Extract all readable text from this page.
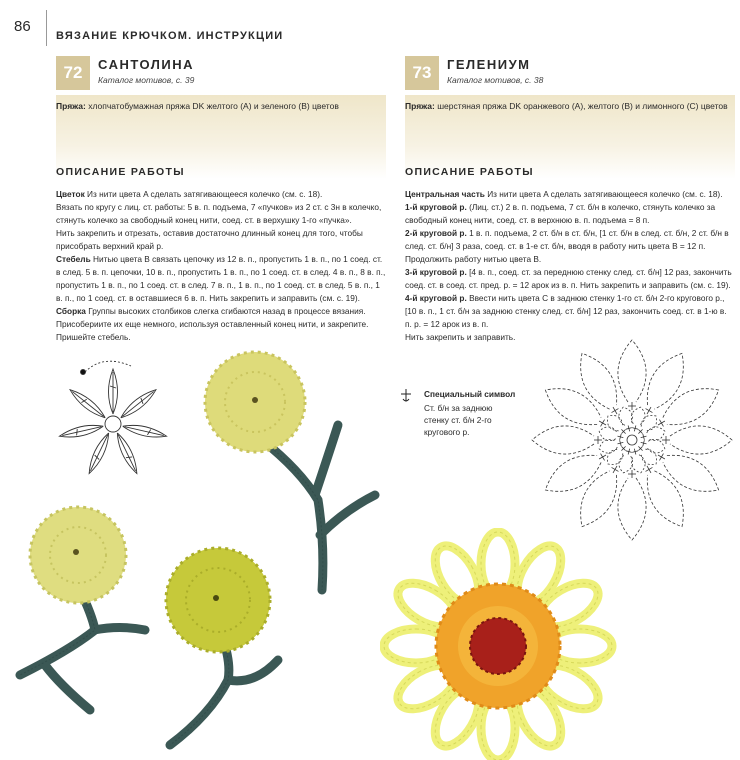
86
ВЯЗАНИЕ КРЮЧКОМ. ИНСТРУКЦИИ
72	САНТОЛИНА
Каталог мотивов, с. 39
Пряжа: хлопчатобумажная пряжа DK желтого (A) и зеленого (B) цветов
ОПИСАНИЕ РАБОТЫ

Цветок Из нити цвета A сделать затягивающееся колечко (см. с. 18).

Вязать по кругу с лиц. ст. работы: 5 в. п. подъема, 7 «пучков» из 2 ст. с 3н в колечко, стянуть колечко за свободный конец нити, соед. ст. в верхушку 1-го «пучка».

Нить закрепить и отрезать, оставив достаточно длинный конец для того, чтобы присобрать верхний край р.

Стебель Нитью цвета B связать цепочку из 12 в. п., пропустить 1 в. п., по 1 соед. ст. в след. 5 в. п. цепочки, 10 в. п., пропустить 1 в. п., по 1 соед. ст. в след. 4 в. п., 8 в. п., пропустить 1 в. п., по 1 соед. ст. в след. 7 в. п., 1 в. п., по 1 соед. ст. в след. 5 в. п., 1 в. п., по 1 соед. ст. в оставшиеся 6 в. п. Нить закрепить и заправить (см. с. 19).

Сборка Группы высоких столбиков слегка сгибаются назад в процессе вязания. Присобериите их еще немного, используя оставленный конец нити, и закрепите. Пришейте стебель.

73	ГЕЛЕНИУМ
Каталог мотивов, с. 38
Пряжа: шерстяная пряжа DK оранжевого (A), желтого (B) и лимонного (C) цветов
ОПИСАНИЕ РАБОТЫ

Центральная часть Из нити цвета A сделать затягивающееся колечко (см. с. 18).

1-й круговой р. (Лиц. ст.) 2 в. п. подъема, 7 ст. б/н в колечко, стянуть колечко за свободный конец нити, соед. ст. в верхнюю в. п. подъема = 8 п.

2-й круговой р. 1 в. п. подъема, 2 ст. б/н в ст. б/н, [1 ст. б/н в след. ст. б/н, 2 ст. б/н в след. ст. б/н] 3 раза, соед. ст. в 1-е ст. б/н, вводя в работу нить цвета B = 12 п. Продолжить работу нитью цвета B.

3-й круговой р. [4 в. п., соед. ст. за переднюю стенку след. ст. б/н] 12 раз, закончить соед. ст. в соед. ст. пред. р. = 12 арок из в. п. Нить закрепить и заправить (см. с. 19).

4-й круговой р. Ввести нить цвета C в заднюю стенку 1-го ст. б/н 2-го кругового р., [10 в. п., 1 ст. б/н за заднюю стенку след. ст. б/н] 12 раз, закончить соед. ст. в 1-ю в. п. р. = 12 арок из в. п.

Нить закрепить и заправить.

Специальный символ
Ст. б/н за заднюю стенку ст. б/н 2-го кругового р.
